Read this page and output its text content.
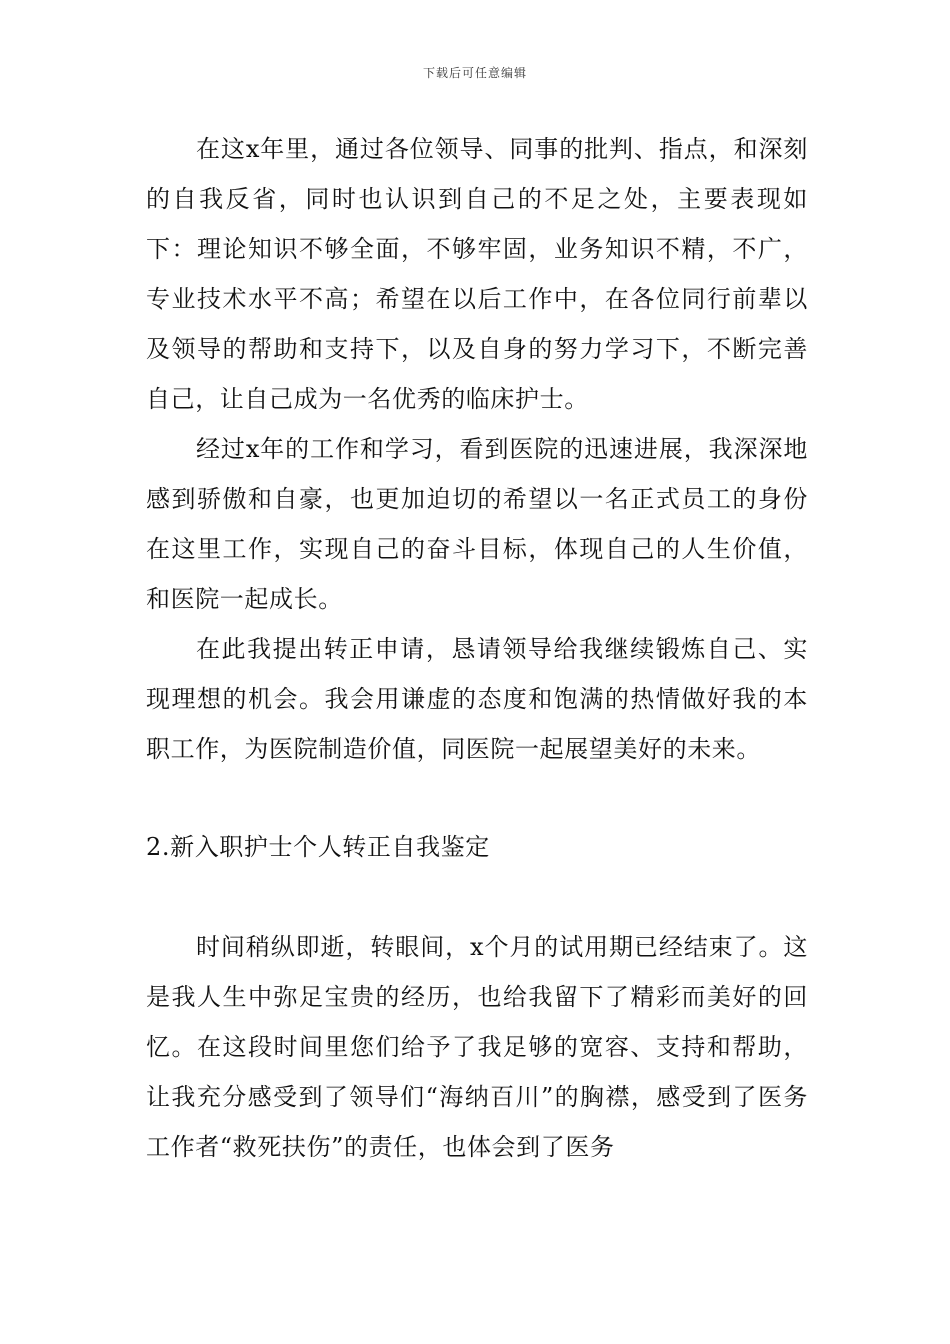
下载后可任意编辑

在这x年里，通过各位领导、同事的批判、指点，和深刻的自我反省，同时也认识到自己的不足之处，主要表现如下：理论知识不够全面，不够牢固，业务知识不精，不广，专业技术水平不高；希望在以后工作中，在各位同行前辈以及领导的帮助和支持下，以及自身的努力学习下，不断完善自己，让自己成为一名优秀的临床护士。

经过x年的工作和学习，看到医院的迅速进展，我深深地感到骄傲和自豪，也更加迫切的希望以一名正式员工的身份在这里工作，实现自己的奋斗目标，体现自己的人生价值，和医院一起成长。

在此我提出转正申请，恳请领导给我继续锻炼自己、实现理想的机会。我会用谦虚的态度和饱满的热情做好我的本职工作，为医院制造价值，同医院一起展望美好的未来。

2.新入职护士个人转正自我鉴定

时间稍纵即逝，转眼间，x个月的试用期已经结束了。这是我人生中弥足宝贵的经历，也给我留下了精彩而美好的回忆。在这段时间里您们给予了我足够的宽容、支持和帮助，让我充分感受到了领导们“海纳百川”的胸襟，感受到了医务工作者“救死扶伤”的责任，也体会到了医务
